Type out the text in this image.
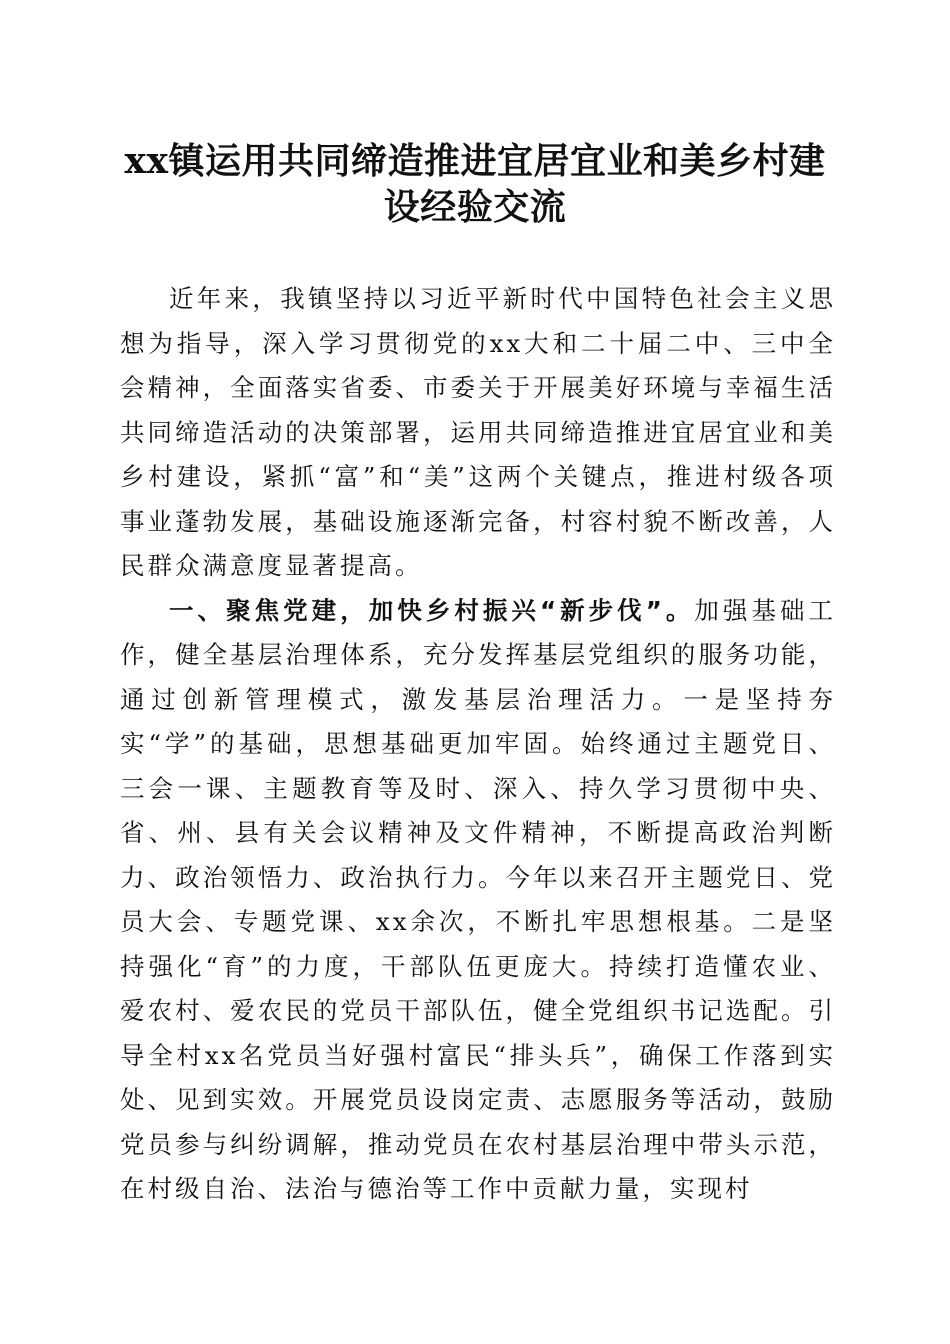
xx镇运用共同缔造推进宜居宜业和美乡村建
设经验交流

近年来，我镇坚持以习近平新时代中国特色社会主义思想为指导，深入学习贯彻党的xx大和二十届二中、三中全会精神，全面落实省委、市委关于开展美好环境与幸福生活共同缔造活动的决策部署，运用共同缔造推进宜居宜业和美乡村建设，紧抓“富”和“美”这两个关键点，推进村级各项事业蓬勃发展，基础设施逐渐完备，村容村貌不断改善，人民群众满意度显著提高。

一、聚焦党建，加快乡村振兴“新步伐”。加强基础工作，健全基层治理体系，充分发挥基层党组织的服务功能，通过创新管理模式，激发基层治理活力。一是坚持夯实“学”的基础，思想基础更加牢固。始终通过主题党日、三会一课、主题教育等及时、深入、持久学习贯彻中央、省、州、县有关会议精神及文件精神，不断提高政治判断力、政治领悟力、政治执行力。今年以来召开主题党日、党员大会、专题党课、xx余次，不断扎牢思想根基。二是坚持强化“育”的力度，干部队伍更庞大。持续打造懂农业、爱农村、爱农民的党员干部队伍，健全党组织书记选配。引导全村xx名党员当好强村富民“排头兵”，确保工作落到实处、见到实效。开展党员设岗定责、志愿服务等活动，鼓励党员参与纠纷调解，推动党员在农村基层治理中带头示范，在村级自治、法治与德治等工作中贡献力量，实现村
